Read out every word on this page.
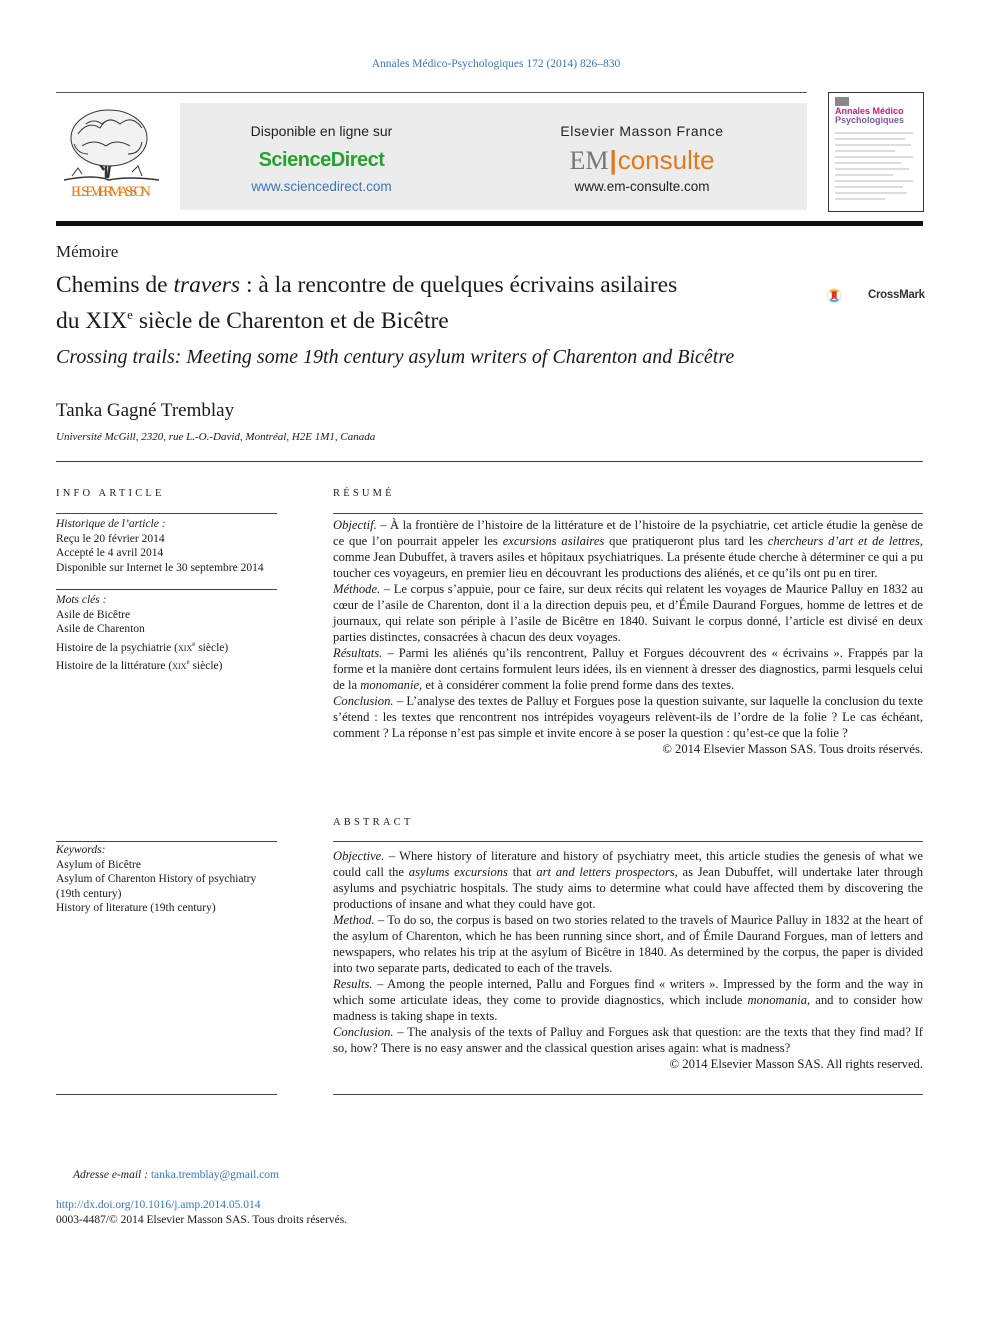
Annales Médico-Psychologiques 172 (2014) 826–830
ELSEVIER MASSON
Disponible en ligne sur
ScienceDirect
www.sciencedirect.com
Elsevier Masson France
EM|consulte
www.em-consulte.com
Annales Médico
Psychologiques
Mémoire
Chemins de travers : à la rencontre de quelques écrivains asilaires
du XIXe siècle de Charenton et de Bicêtre
CrossMark
Crossing trails: Meeting some 19th century asylum writers of Charenton and Bicêtre
Tanka Gagné Tremblay
Université McGill, 2320, rue L.-O.-David, Montréal, H2E 1M1, Canada
INFO ARTICLE	RÉSUMÉ
Historique de l’article :
Reçu le 20 février 2014
Accepté le 4 avril 2014
Disponible sur Internet le 30 septembre 2014
Mots clés :
Asile de Bicêtre
Asile de Charenton
Histoire de la psychiatrie (xix$^e$ siècle)
Histoire de la littérature (xix$^e$ siècle)
Keywords:
Asylum of Bicêtre
Asylum of Charenton History of psychiatry
(19th century)
History of literature (19th century)

Objectif. – À la frontière de l’histoire de la littérature et de l’histoire de la psychiatrie, cet article étudie la genèse de ce que l’on pourrait appeler les excursions asilaires que pratiqueront plus tard les chercheurs d’art et de lettres, comme Jean Dubuffet, à travers asiles et hôpitaux psychiatriques. La présente étude cherche à déterminer ce qui a pu toucher ces voyageurs, en premier lieu en découvrant les productions des aliénés, et ce qu’ils ont pu en tirer.

Méthode. – Le corpus s’appuie, pour ce faire, sur deux récits qui relatent les voyages de Maurice Palluy en 1832 au cœur de l’asile de Charenton, dont il a la direction depuis peu, et d’Émile Daurand Forgues, homme de lettres et de journaux, qui relate son périple à l’asile de Bicêtre en 1840. Suivant le corpus donné, l’article est divisé en deux parties distinctes, consacrées à chacun des deux voyages.

Résultats. – Parmi les aliénés qu’ils rencontrent, Palluy et Forgues découvrent des « écrivains ». Frappés par la forme et la manière dont certains formulent leurs idées, ils en viennent à dresser des diagnostics, parmi lesquels celui de la monomanie, et à considérer comment la folie prend forme dans des textes.

Conclusion. – L’analyse des textes de Palluy et Forgues pose la question suivante, sur laquelle la conclusion du texte s’étend : les textes que rencontrent nos intrépides voyageurs relèvent-ils de l’ordre de la folie ? Le cas échéant, comment ? La réponse n’est pas simple et invite encore à se poser la question : qu’est-ce que la folie ?

© 2014 Elsevier Masson SAS. Tous droits réservés.

ABSTRACT

Objective. – Where history of literature and history of psychiatry meet, this article studies the genesis of what we could call the asylums excursions that art and letters prospectors, as Jean Dubuffet, will undertake later through asylums and psychiatric hospitals. The study aims to determine what could have affected them by discovering the productions of insane and what they could have got.

Method. – To do so, the corpus is based on two stories related to the travels of Maurice Palluy in 1832 at the heart of the asylum of Charenton, which he has been running since short, and of Émile Daurand Forgues, man of letters and newspapers, who relates his trip at the asylum of Bicêtre in 1840. As determined by the corpus, the paper is divided into two separate parts, dedicated to each of the travels.

Results. – Among the people interned, Pallu and Forgues find « writers ». Impressed by the form and the way in which some articulate ideas, they come to provide diagnostics, which include monomania, and to consider how madness is taking shape in texts.

Conclusion. – The analysis of the texts of Palluy and Forgues ask that question: are the texts that they find mad? If so, how? There is no easy answer and the classical question arises again: what is madness?

© 2014 Elsevier Masson SAS. All rights reserved.

Adresse e-mail : tanka.tremblay@gmail.com
http://dx.doi.org/10.1016/j.amp.2014.05.014
0003-4487/© 2014 Elsevier Masson SAS. Tous droits réservés.
